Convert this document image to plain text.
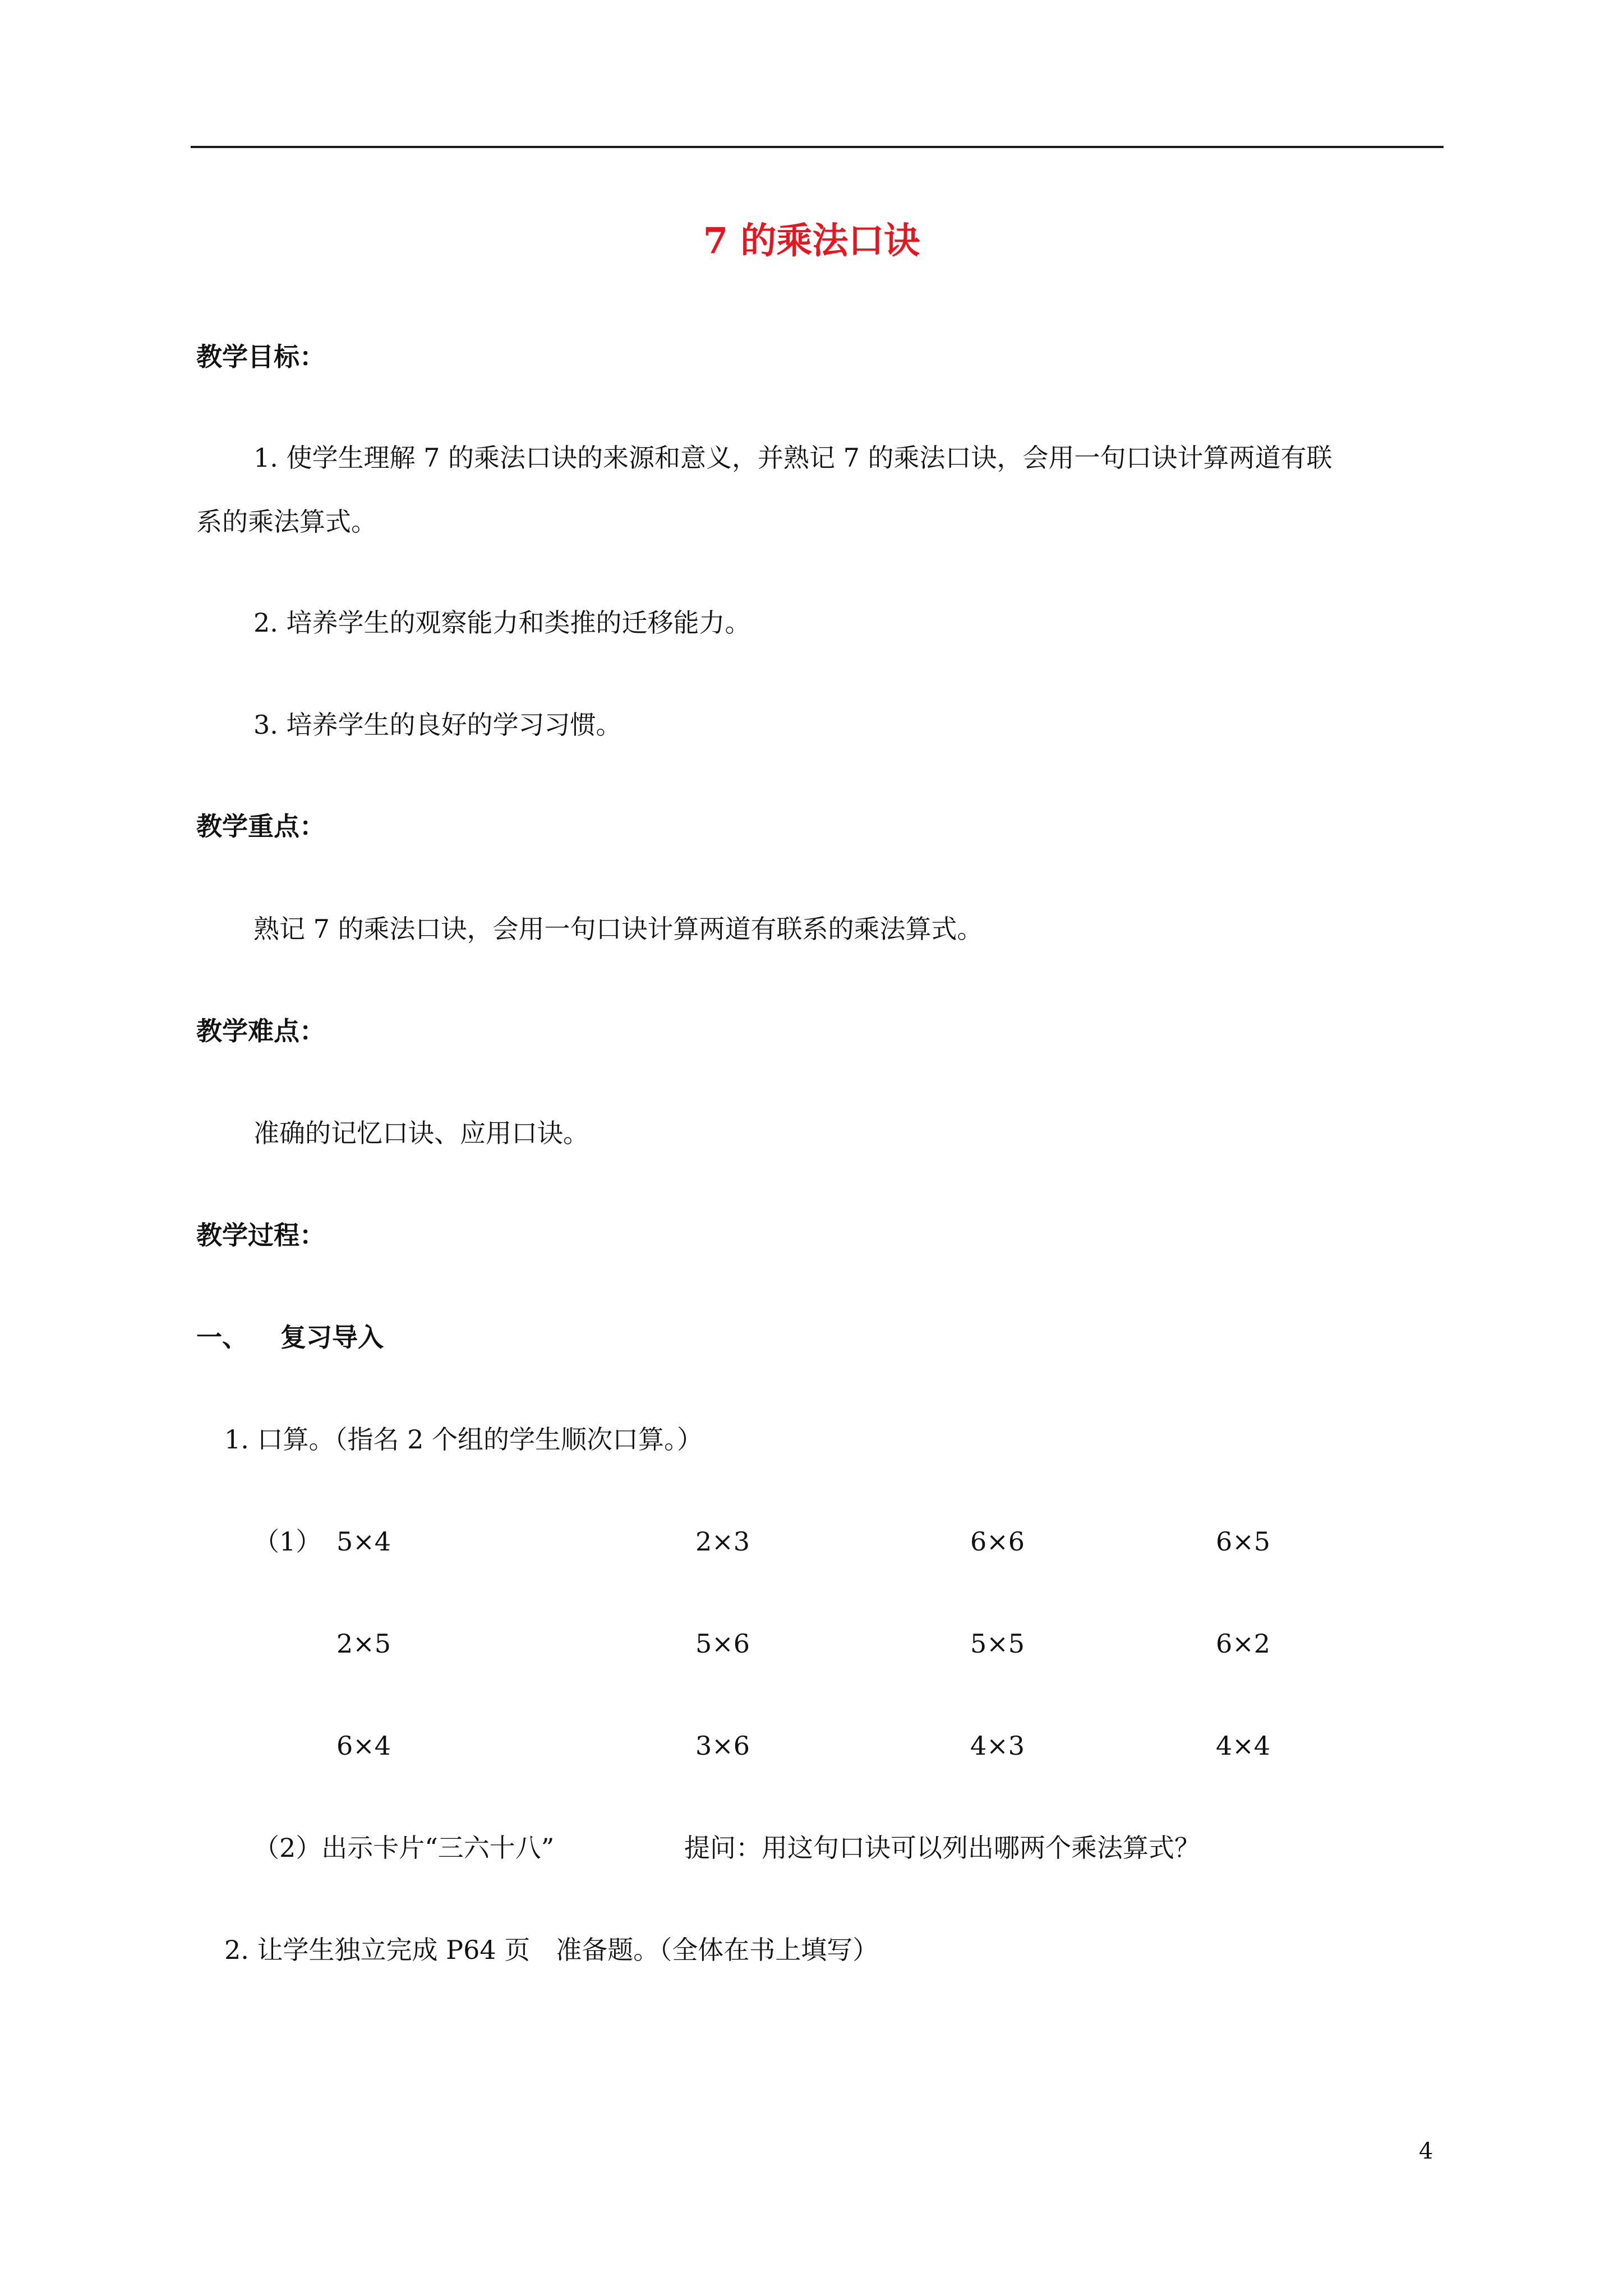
7 的乘法口诀
教学目标：
1. 使学生理解 7 的乘法口诀的来源和意义，并熟记 7 的乘法口诀，会用一句口诀计算两道有联
系的乘法算式。
2. 培养学生的观察能力和类推的迁移能力。
3. 培养学生的良好的学习习惯。
教学重点：
熟记 7 的乘法口诀，会用一句口诀计算两道有联系的乘法算式。
教学难点：
准确的记忆口诀、应用口诀。
教学过程：
一、 复习导入
1. 口算。（指名 2 个组的学生顺次口算。）
（1） 5×4	2×3	6×6	6×5
2×5	5×6	5×5	6×2
6×4	3×6	4×3	4×4
（2）出示卡片“三六十八”	提问：用这句口诀可以列出哪两个乘法算式？
2. 让学生独立完成 P64 页　准备题。（全体在书上填写）
4
